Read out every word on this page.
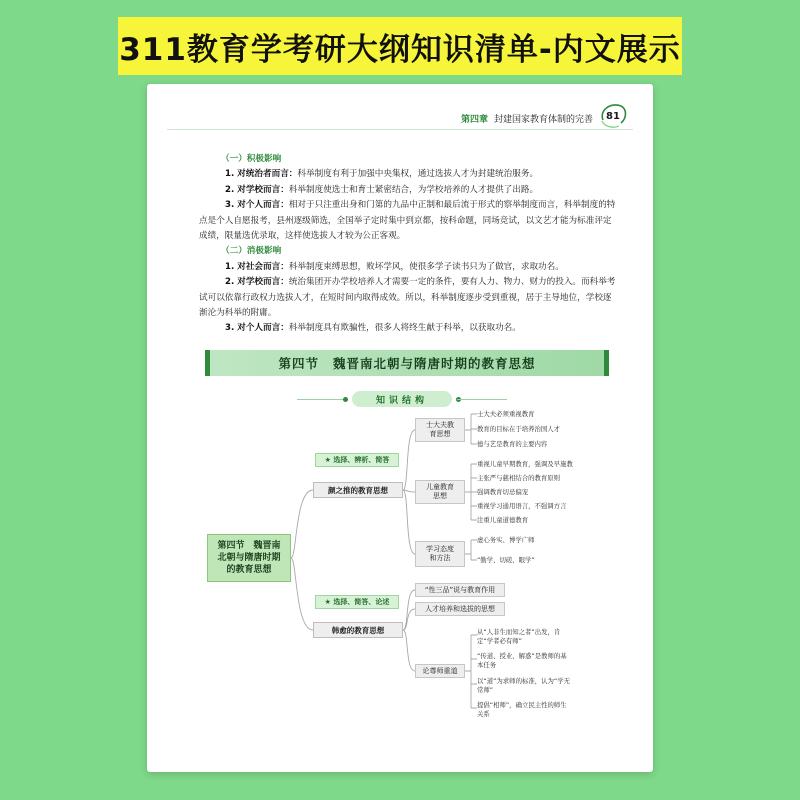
311教育学考研大纲知识清单-内文展示
第四章 封建国家教育体制的完善 81

（一）积极影响

1. 对统治者而言：科举制度有利于加强中央集权，通过选拔人才为封建统治服务。

2. 对学校而言：科举制度使选士和育士紧密结合，为学校培养的人才提供了出路。

3. 对个人而言：相对于只注重出身和门第的九品中正制和最后流于形式的察举制度而言，科举制度的特点是个人自愿报考，县州逐级筛选，全国举子定时集中到京都，按科命题，同场竞试，以文艺才能为标准评定成绩，限量选优录取，这样使选拔人才较为公正客观。

（二）消极影响

1. 对社会而言：科举制度束缚思想，败坏学风，使很多学子读书只为了做官，求取功名。

2. 对学校而言：统治集团开办学校培养人才需要一定的条件，要有人力、物力、财力的投入。而科举考试可以依靠行政权力选拔人才，在短时间内取得成效。所以，科举制度逐步受到重视，居于主导地位，学校逐渐沦为科举的附庸。

3. 对个人而言：科举制度具有欺骗性，很多人将终生献于科举，以获取功名。

第四节 魏晋南北朝与隋唐时期的教育思想
知识结构
第四节　魏晋南北朝与隋唐时期的教育思想
★ 选择、辨析、简答
颜之推的教育思想
士大夫教育思想
士大夫必须重视教育
教育的目标在于培养治国人才
德与艺是教育的主要内容
儿童教育思想
重视儿童早期教育，强调及早施教
主张严与慈相结合的教育原则
强调教育切忌偏宠
重视学习通用语言，不强调方言
注重儿童道德教育
学习态度和方法
虚心务实、博学广师
“勤学、切磋、眼学”
★ 选择、简答、论述
韩愈的教育思想
“性三品”说与教育作用
人才培养和选拔的思想
论尊师重道
从“人非生而知之者”出发，肯定“学者必有师”
“传道、授业、解惑”是教师的基本任务
以“道”为求师的标准，认为“学无常师”
提倡“相师”，确立民主性的师生关系
